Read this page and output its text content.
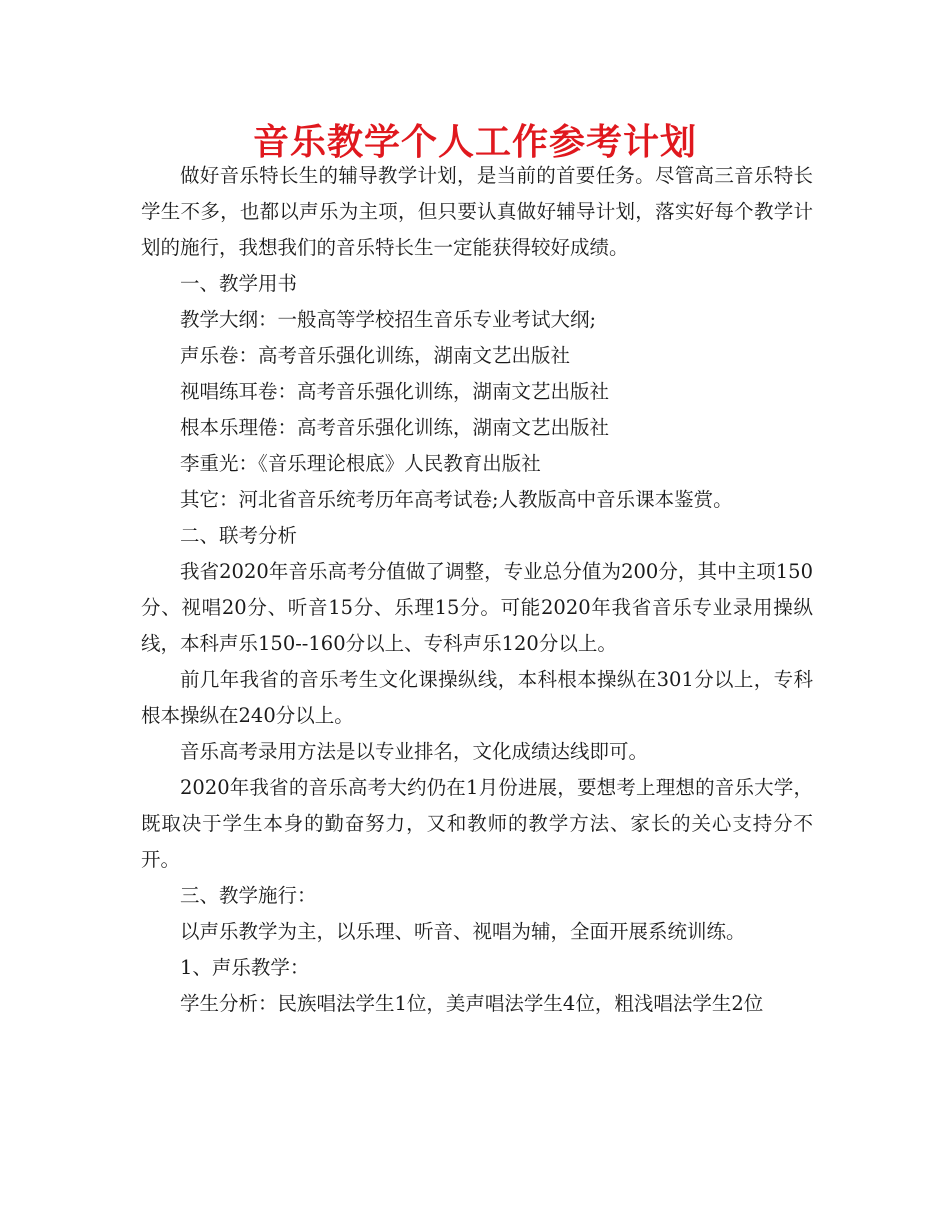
音乐教学个人工作参考计划

做好音乐特长生的辅导教学计划，是当前的首要任务。尽管高三音乐特长学生不多，也都以声乐为主项，但只要认真做好辅导计划，落实好每个教学计划的施行，我想我们的音乐特长生一定能获得较好成绩。

一、教学用书

教学大纲：一般高等学校招生音乐专业考试大纲;

声乐卷：高考音乐强化训练，湖南文艺出版社

视唱练耳卷：高考音乐强化训练，湖南文艺出版社

根本乐理倦：高考音乐强化训练，湖南文艺出版社

李重光：《音乐理论根底》人民教育出版社

其它：河北省音乐统考历年高考试卷;人教版高中音乐课本鉴赏。

二、联考分析

我省2020年音乐高考分值做了调整，专业总分值为200分，其中主项150分、视唱20分、听音15分、乐理15分。可能2020年我省音乐专业录用操纵线，本科声乐150--160分以上、专科声乐120分以上。

前几年我省的音乐考生文化课操纵线，本科根本操纵在301分以上，专科根本操纵在240分以上。

音乐高考录用方法是以专业排名，文化成绩达线即可。

2020年我省的音乐高考大约仍在1月份进展，要想考上理想的音乐大学，既取决于学生本身的勤奋努力，又和教师的教学方法、家长的关心支持分不开。

三、教学施行：

以声乐教学为主，以乐理、听音、视唱为辅，全面开展系统训练。

1、声乐教学：

学生分析：民族唱法学生1位，美声唱法学生4位，粗浅唱法学生2位
